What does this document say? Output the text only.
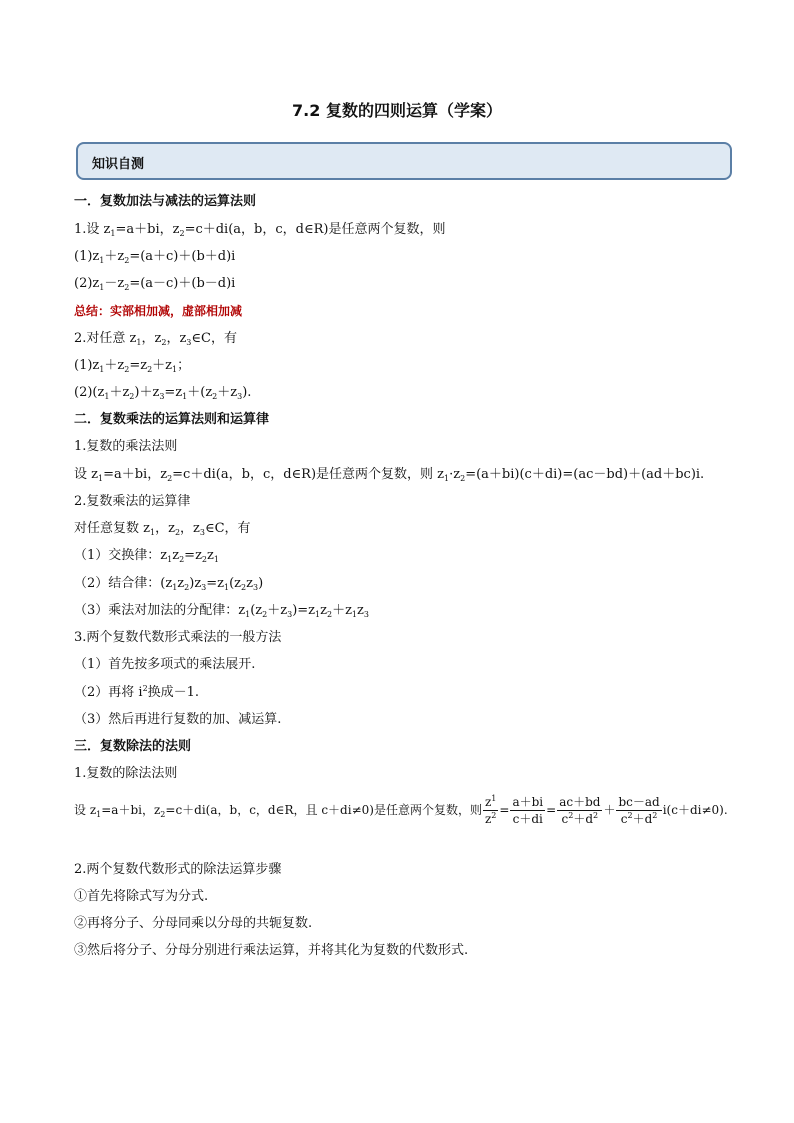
7.2 复数的四则运算（学案）
知识自测
一．复数加法与减法的运算法则
1.设 $z_1=a+bi$，$z_2=c+di(a$，b，c，d∈R)是任意两个复数，则
$(1)z_1+z_2=(a+c)+(b+d)i$
$(2)z_1-z_2=(a-c)+(b-d)i$
总结：实部相加减，虚部相加减
2.对任意 $z_1$，$z_2$，$z_3\in C$，有
$(1)z_1+z_2=z_2+z_1$；
$(2)(z_1+z_2)+z_3=z_1+(z_2+z_3)$.
二．复数乘法的运算法则和运算律
1.复数的乘法法则
设 $z_1=a+bi$，$z_2=c+di(a$，b，c，d∈R)是任意两个复数，则 $z_1\cdot z_2=(a+bi)(c+di)=(ac-bd)+(ad+bc)i$.
2.复数乘法的运算律
对任意复数 $z_1$，$z_2$，$z_3\in C$，有
（1）交换律：$z_1z_2=z_2z_1$
（2）结合律：$(z_1z_2)z_3=z_1(z_2z_3)$
（3）乘法对加法的分配律：$z_1(z_2+z_3)=z_1z_2+z_1z_3$
3.两个复数代数形式乘法的一般方法
（1）首先按多项式的乘法展开.
（2）再将 $i^2$换成－1.
（3）然后再进行复数的加、减运算.
三．复数除法的法则
1.复数的除法法则
设 $z_1=a+bi$，$z_2=c+di(a$，b，c，d∈R，且 c＋di≠0)是任意两个复数，则 $\frac{z^1}{z^2} = \frac{a+bi}{c+di} = \frac{ac+bd}{c^2+d^2} + \frac{bc-ad}{c^2+d^2} i(c+di\ne 0)$.
2.两个复数代数形式的除法运算步骤
①首先将除式写为分式.
②再将分子、分母同乘以分母的共轭复数.
③然后将分子、分母分别进行乘法运算，并将其化为复数的代数形式.
